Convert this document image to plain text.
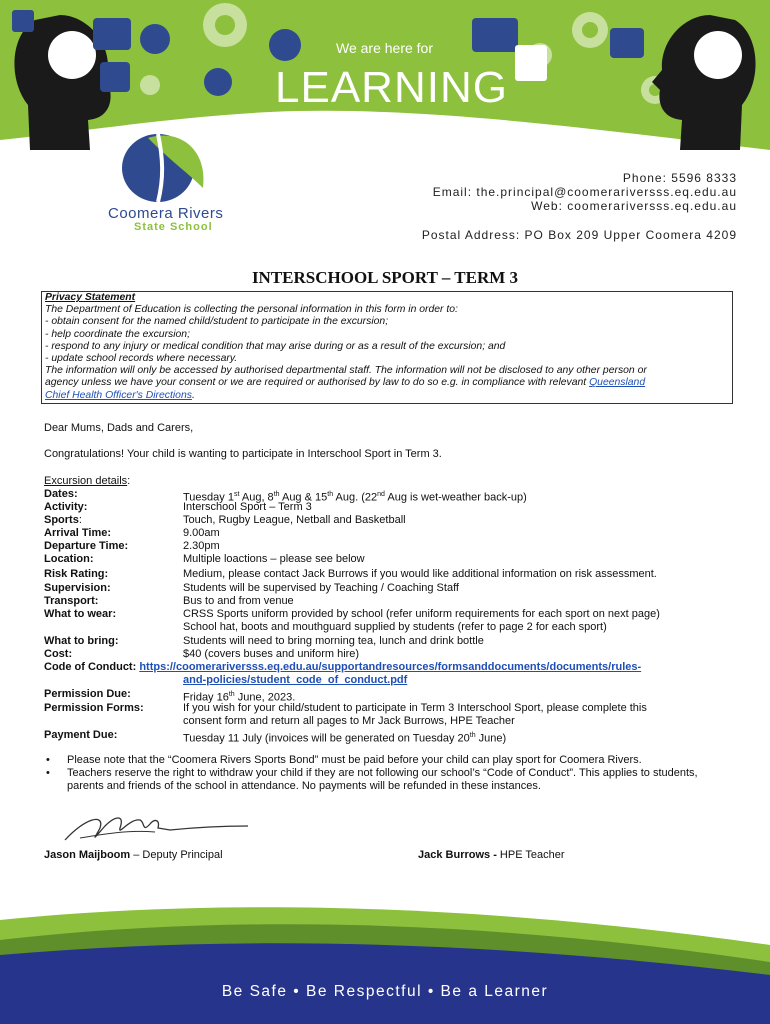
We are here for
LEARNING
Coomera Rivers
State School
Phone: 5596 8333
Email: the.principal@coomerariversss.eq.edu.au
Web: coomerariversss.eq.edu.au
Postal Address: PO Box 209 Upper Coomera 4209
INTERSCHOOL SPORT – TERM 3
Privacy Statement
The Department of Education is collecting the personal information in this form in order to:
- obtain consent for the named child/student to participate in the excursion;
- help coordinate the excursion;
- respond to any injury or medical condition that may arise during or as a result of the excursion; and
- update school records where necessary.
The information will only be accessed by authorised departmental staff. The information will not be disclosed to any other person or
agency unless we have your consent or we are required or authorised by law to do so e.g. in compliance with relevant Queensland
Chief Health Officer's Directions.
Dear Mums, Dads and Carers,
Congratulations! Your child is wanting to participate in Interschool Sport in Term 3.
Excursion details:
Dates:	Tuesday 1st Aug, 8th Aug & 15th Aug. (22nd Aug is wet-weather back-up)
Activity:	Interschool Sport – Term 3
Sports:	Touch, Rugby League, Netball and Basketball
Arrival Time:	9.00am
Departure Time:	2.30pm
Location:	Multiple loactions – please see below
Risk Rating:	Medium, please contact Jack Burrows if you would like additional information on risk assessment.
Supervision:	Students will be supervised by Teaching / Coaching Staff
Transport:	Bus to and from venue
What to wear:	CRSS Sports uniform provided by school (refer uniform requirements for each sport on next page)
School hat, boots and mouthguard supplied by students (refer to page 2 for each sport)
What to bring:	Students will need to bring morning tea, lunch and drink bottle
Cost:	$40 (covers buses and uniform hire)
Code of Conduct: https://coomerariversss.eq.edu.au/supportandresources/formsanddocuments/documents/rules-
and-policies/student_code_of_conduct.pdf
Permission Due:	Friday 16th June, 2023.
Permission Forms:	If you wish for your child/student to participate in Term 3 Interschool Sport, please complete this
consent form and return all pages to Mr Jack Burrows, HPE Teacher
Payment Due:	Tuesday 11 July (invoices will be generated on Tuesday 20th June)
• Please note that the “Coomera Rivers Sports Bond” must be paid before your child can play sport for Coomera Rivers.
• Teachers reserve the right to withdraw your child if they are not following our school’s “Code of Conduct”. This applies to students, parents and friends of the school in attendance. No payments will be refunded in these instances.
Jason Maijboom – Deputy Principal	Jack Burrows - HPE Teacher
Be Safe • Be Respectful • Be a Learner
